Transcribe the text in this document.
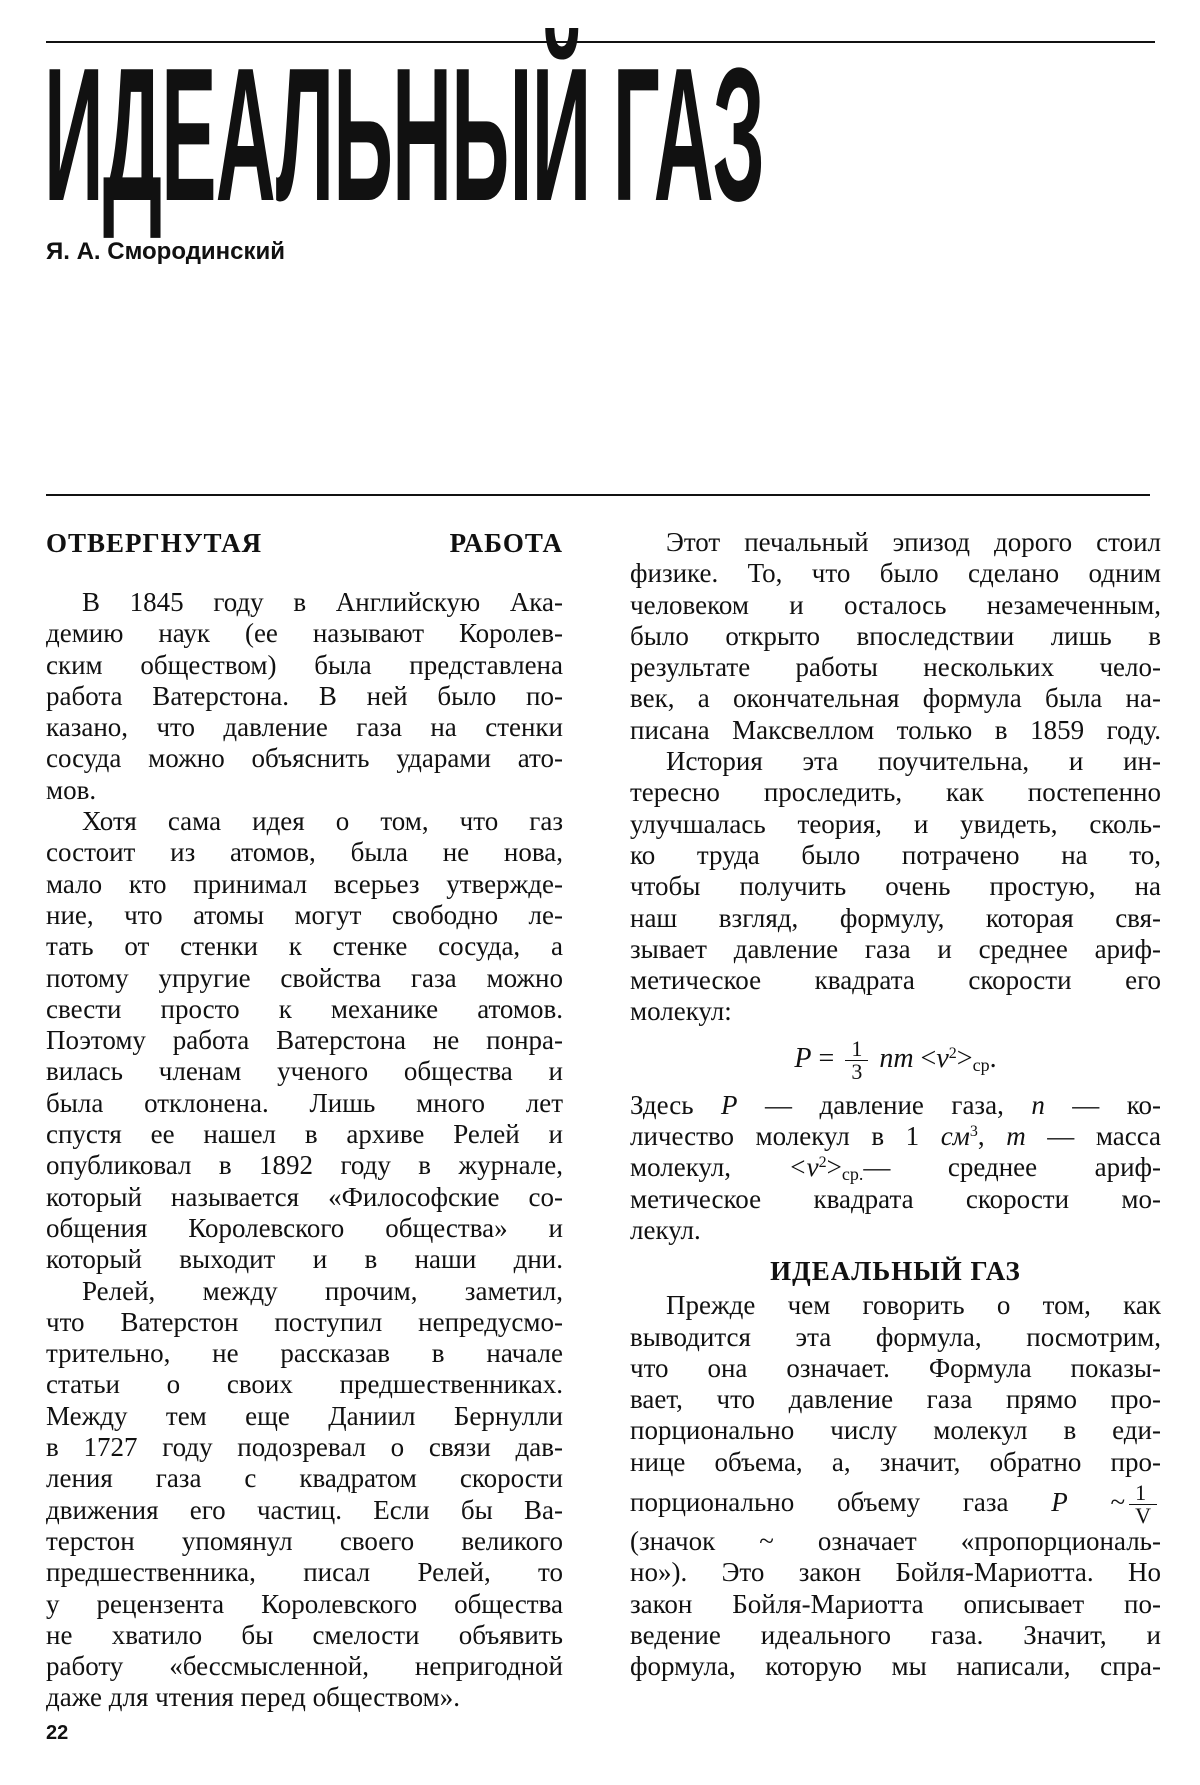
ИДЕАЛЬНЫЙ ГАЗ
Я. А. Смородинский
ОТВЕРГНУТАЯ РАБОТА
В 1845 году в Английскую Ака-
демию наук (ее называют Королев-
ским обществом) была представлена
работа Ватерстона. В ней было по-
казано, что давление газа на стенки
сосуда можно объяснить ударами ато-
мов.
Хотя сама идея о том, что газ
состоит из атомов, была не нова,
мало кто принимал всерьез утвержде-
ние, что атомы могут свободно ле-
тать от стенки к стенке сосуда, а
потому упругие свойства газа можно
свести просто к механике атомов.
Поэтому работа Ватерстона не понра-
вилась членам ученого общества и
была отклонена. Лишь много лет
спустя ее нашел в архиве Релей и
опубликовал в 1892 году в журнале,
который называется «Философские со-
общения Королевского общества» и
который выходит и в наши дни.
Релей, между прочим, заметил,
что Ватерстон поступил непредусмо-
трительно, не рассказав в начале
статьи о своих предшественниках.
Между тем еще Даниил Бернулли
в 1727 году подозревал о связи дав-
ления газа с квадратом скорости
движения его частиц. Если бы Ва-
терстон упомянул своего великого
предшественника, писал Релей, то
у рецензента Королевского общества
не хватило бы смелости объявить
работу «бессмысленной, непригодной
даже для чтения перед обществом».
Этот печальный эпизод дорого стоил
физике. То, что было сделано одним
человеком и осталось незамеченным,
было открыто впоследствии лишь в
результате работы нескольких чело-
век, а окончательная формула была на-
писана Максвеллом только в 1859 году.
История эта поучительна, и ин-
тересно проследить, как постепенно
улучшалась теория, и увидеть, сколь-
ко труда было потрачено на то,
чтобы получить очень простую, на
наш взгляд, формулу, которая свя-
зывает давление газа и среднее ариф-
метическое квадрата скорости его
молекул:
$P = \frac{1}{3}$ nm $<v^2>_{ср}$.
Здесь P — давление газа, n — ко-
личество молекул в 1 $см^3$, m — масса
молекул, $<v^2>_{ср.}—$ среднее ариф-
метическое квадрата скорости мо-
лекул.
ИДЕАЛЬНЫЙ ГАЗ
Прежде чем говорить о том, как
выводится эта формула, посмотрим,
что она означает. Формула показы-
вает, что давление газа прямо про-
порционально числу молекул в еди-
нице объема, а, значит, обратно про-
порционально объему газа P ~ $\frac{1}{V}$
(значок ~ означает «пропорциональ-
но»). Это закон Бойля-Мариотта. Но
закон Бойля-Мариотта описывает по-
ведение идеального газа. Значит, и
формула, которую мы написали, спра-
22
